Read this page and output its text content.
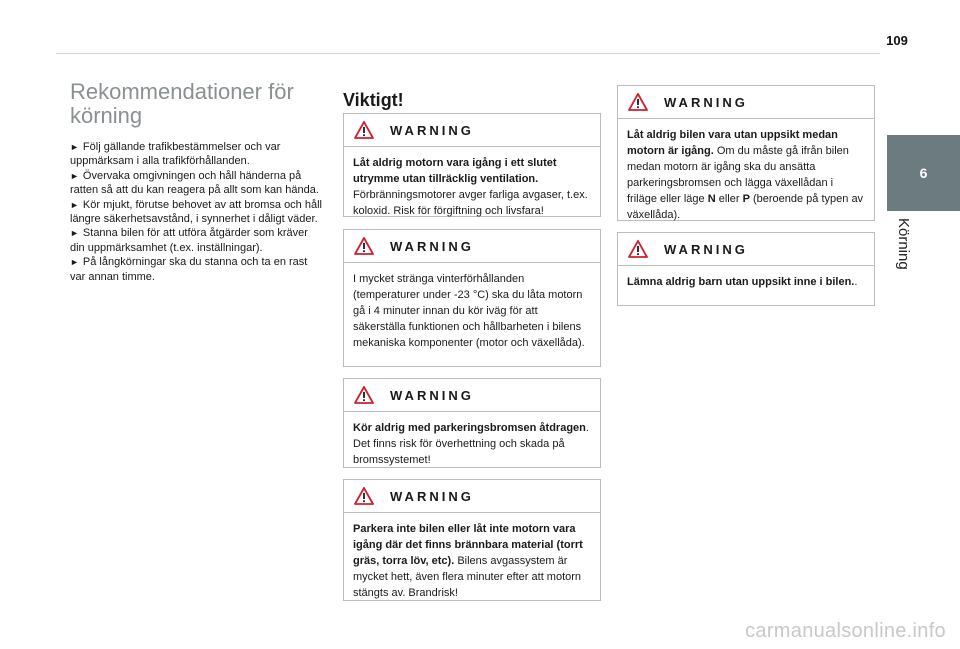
109
6
Körning
Rekommendationer för körning
► Följ gällande trafikbestämmelser och var uppmärksam i alla trafikförhållanden.
► Övervaka omgivningen och håll händerna på ratten så att du kan reagera på allt som kan hända.
► Kör mjukt, förutse behovet av att bromsa och håll längre säkerhetsavstånd, i synnerhet i dåligt väder.
► Stanna bilen för att utföra åtgärder som kräver din uppmärksamhet (t.ex. inställningar).
► På långkörningar ska du stanna och ta en rast var annan timme.
Viktigt!
WARNING
Låt aldrig motorn vara igång i ett slutet utrymme utan tillräcklig ventilation. Förbränningsmotorer avger farliga avgaser, t.ex. koloxid. Risk för förgiftning och livsfara!
WARNING
I mycket stränga vinterförhållanden (temperaturer under -23 °C) ska du låta motorn gå i 4 minuter innan du kör iväg för att säkerställa funktionen och hållbarheten i bilens mekaniska komponenter (motor och växellåda).
WARNING
Kör aldrig med parkeringsbromsen åtdragen. Det finns risk för överhettning och skada på bromssystemet!
WARNING
Parkera inte bilen eller låt inte motorn vara igång där det finns brännbara material (torrt gräs, torra löv, etc). Bilens avgassystem är mycket hett, även flera minuter efter att motorn stängts av. Brandrisk!
WARNING
Låt aldrig bilen vara utan uppsikt medan motorn är igång. Om du måste gå ifrån bilen medan motorn är igång ska du ansätta parkeringsbromsen och lägga växellådan i friläge eller läge N eller P (beroende på typen av växellåda).
WARNING
Lämna aldrig barn utan uppsikt inne i bilen..
carmanualsonline.info
